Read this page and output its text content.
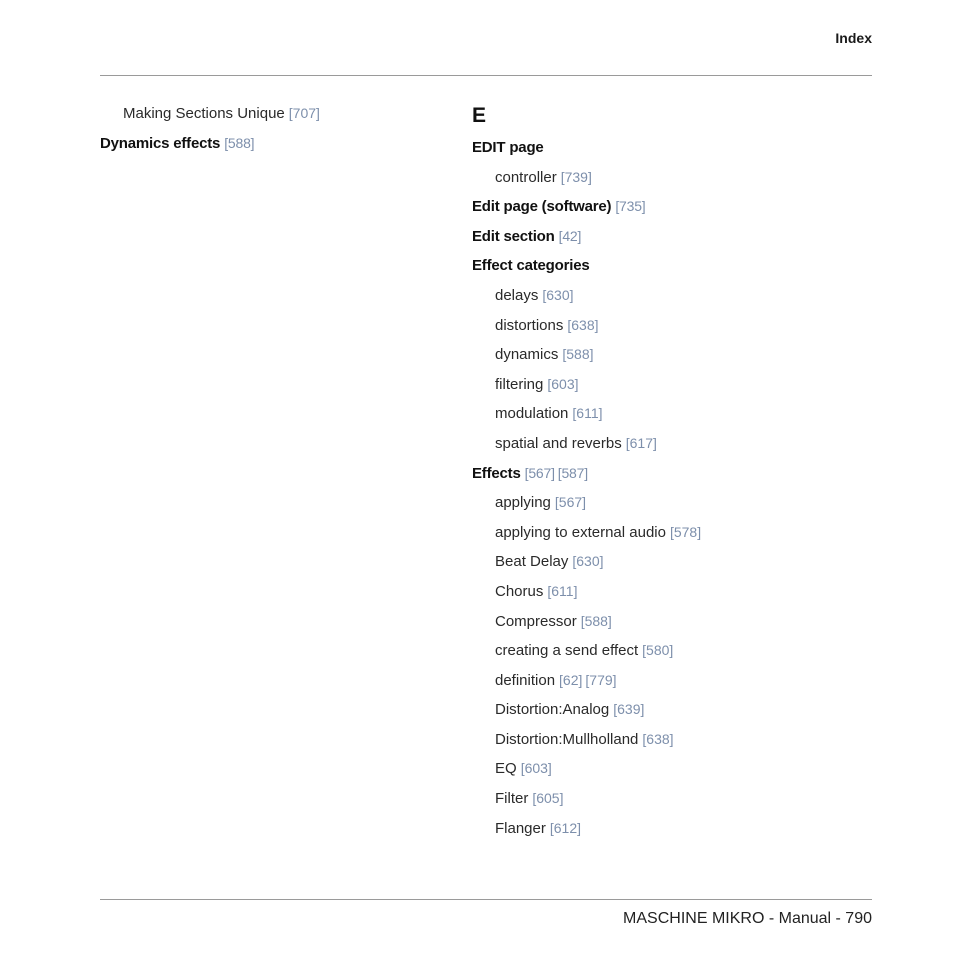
Index
Making Sections Unique [707]
Dynamics effects [588]
E
EDIT page
controller [739]
Edit page (software) [735]
Edit section [42]
Effect categories
delays [630]
distortions [638]
dynamics [588]
filtering [603]
modulation [611]
spatial and reverbs [617]
Effects [567] [587]
applying [567]
applying to external audio [578]
Beat Delay [630]
Chorus [611]
Compressor [588]
creating a send effect [580]
definition [62] [779]
Distortion:Analog [639]
Distortion:Mullholland [638]
EQ [603]
Filter [605]
Flanger [612]
MASCHINE MIKRO - Manual - 790
